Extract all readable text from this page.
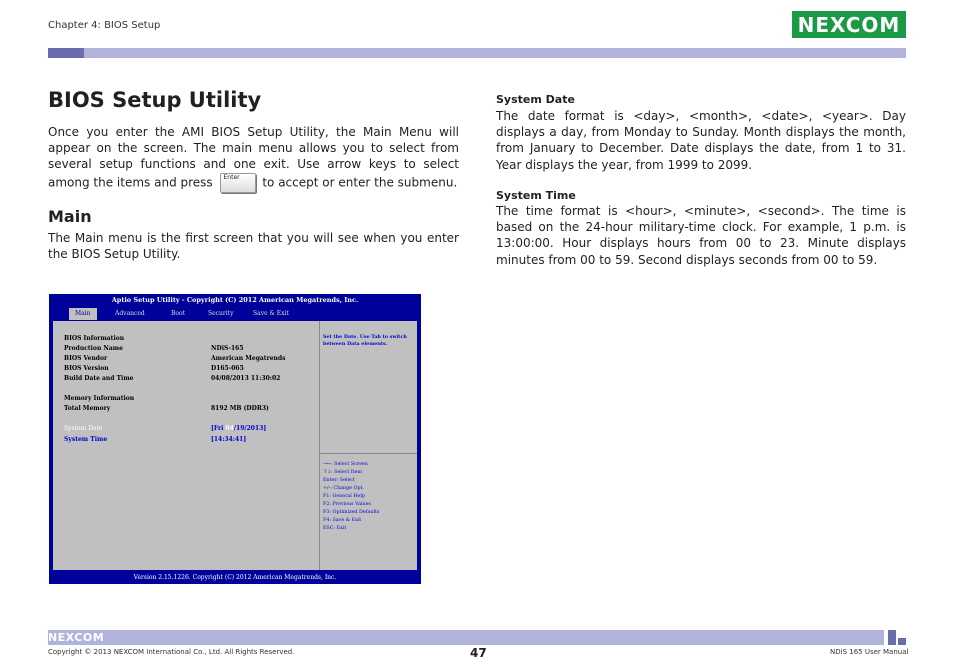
Chapter 4: BIOS Setup	NEXCOM
BIOS Setup Utility
Once you enter the AMI BIOS Setup Utility, the Main Menu will appear on the screen. The main menu allows you to select from several setup functions and one exit. Use arrow keys to select among the items and press Enter to accept or enter the submenu.
Main
The Main menu is the first screen that you will see when you enter the BIOS Setup Utility.
System Date
The date format is <day>, <month>, <date>, <year>. Day displays a day, from Monday to Sunday. Month displays the month, from January to December. Date displays the date, from 1 to 31. Year displays the year, from 1999 to 2099.
System Time
The time format is <hour>, <minute>, <second>. The time is based on the 24-hour military-time clock. For example, 1 p.m. is 13:00:00. Hour displays hours from 00 to 23. Minute displays minutes from 00 to 59. Second displays seconds from 00 to 59.
Aptio Setup Utility - Copyright (C) 2012 American Megatrends, Inc.
Main	Advanced	Boot	Security	Save & Exit
BIOS Information
Production Name	NDiS-165
BIOS Vendor	American Megatrends
BIOS Version	D165-065
Build Date and Time	04/08/2013 11:30:02
Memory Information
Total Memory	8192 MB (DDR3)
System Date	[Fri 04/19/2013]
System Time	[14:34:41]
Set the Date. Use Tab to switch
between Data elements.
→←: Select Screen
↑↓: Select Item
Enter: Select
+/-: Change Opt.
F1: General Help
F2: Previous Values
F3: Optimized Defaults
F4: Save & Exit
ESC: Exit
Version 2.15.1226. Copyright (C) 2012 American Megatrends, Inc.
NEXCOM
Copyright © 2013 NEXCOM International Co., Ltd. All Rights Reserved.	47	NDiS 165 User Manual
